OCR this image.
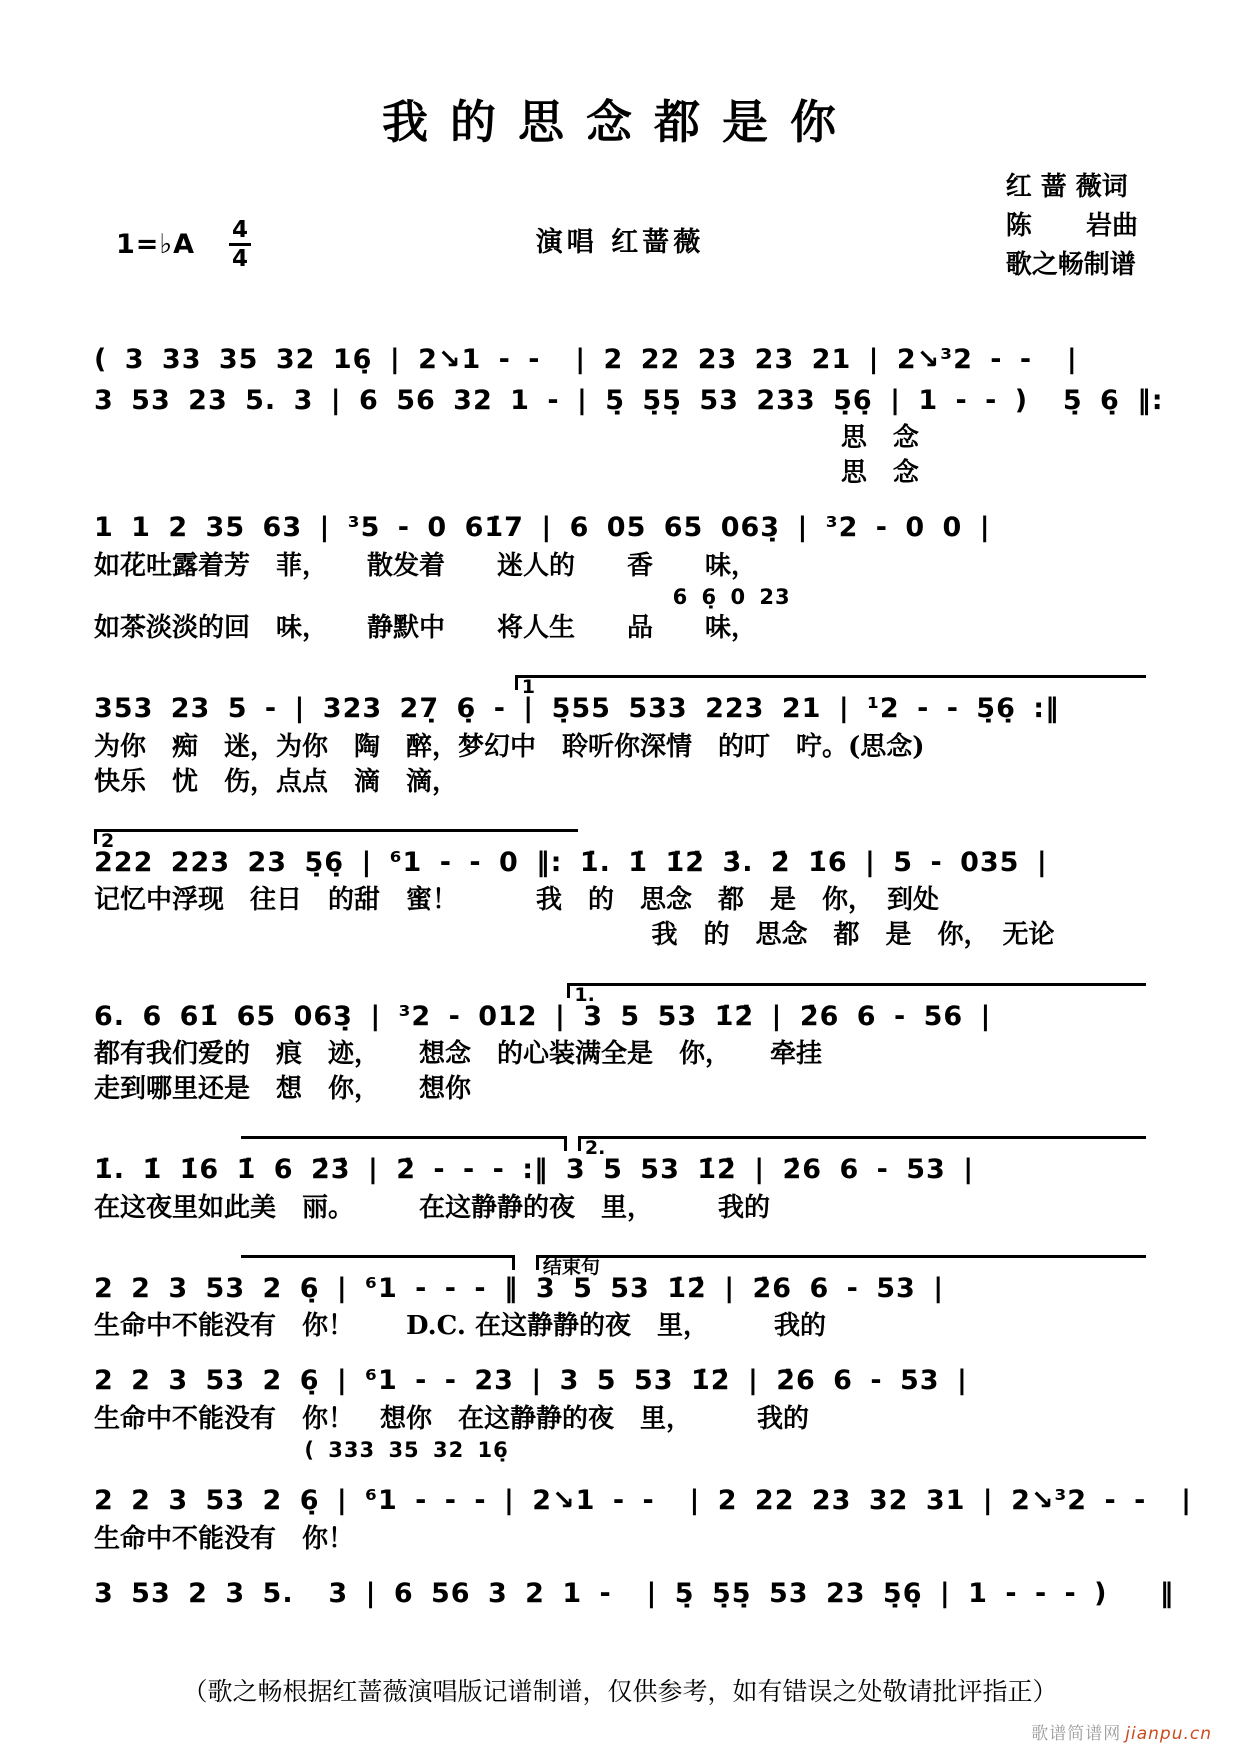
我的思念都是你
1=♭A 4
4
演唱 红蔷薇
红 蔷 薇词
陈      岩曲
歌之畅制谱
( 3 33 35 32 16̣ | 2↘1 - -  | 2 22 23 23 21 | 2↘³2 - -  |
3 53 23 5. 3 | 6 56 32 1 - | 5̣ 5̣5̣ 53 233 5̣6̣ | 1 - - )  5̣ 6̣ ‖:
思　念
思　念
1 1 2 35 63 | ³5 - 0 61̇7 | 6 05 65 063̣ | ³2 - 0 0 |
如花吐露着芳　菲，　　散发着　　迷人的　　香　　味，
6 6̣ 0 23
如茶淡淡的回　味，　　静默中　　将人生　　品　　味，
1
353 23 5 - | 323 27̣ 6̣ - | 5̣55 533 223 21 | ¹2 - - 5̣6̣ :‖
为你　痴　迷，为你　陶　醉，梦幻中　聆听你深情　的叮　咛。(思念)
快乐　忧　伤，点点　滴　滴，
2
222 223 23 5̣6̣ | ⁶1 - - 0 ‖: 1̇. 1̇ 1̇2̇ 3̇. 2̇ 1̇6 | 5 - 035 |
记忆中浮现　往日　的甜　蜜！　　　我　的　思念　都　是　你，　到处
我　的　思念　都　是　你，　无论
1.
6. 6 61̇ 65 063̣ | ³2 - 012 | 3 5 53 1̇2̇ | 2̇6 6 - 56 |
都有我们爱的　痕　迹，　　想念　的心装满全是　你，　　牵挂
走到哪里还是　想　你，　　想你
2.
1̇. 1̇ 1̇6 1̇ 6 2̇3̇ | 2̇ - - - :‖ 3 5 53 1̇2̇ | 2̇6 6 - 53 |
在这夜里如此美　丽。　　　在这静静的夜　里，　　　我的
结束句
2 2 3 53 2 6̣ | ⁶1 - - - ‖ 3 5 53 1̇2̇ | 2̇6 6 - 53 |
生命中不能没有　你！　　D.C. 在这静静的夜　里，　　　我的
2 2 3 53 2 6̣ | ⁶1 - - 23 | 3 5 53 1̇2̇ | 2̇6 6 - 53 |
生命中不能没有　你！　想你　在这静静的夜　里，　　　我的
( 333 35 32 16̣
2 2 3 53 2 6̣ | ⁶1 - - - | 2↘1 - -  | 2 22 23 32 31 | 2↘³2 - -  |
生命中不能没有　你！
3 53 2 3 5.  3 | 6 56 3 2 1 -  | 5̣ 5̣5̣ 53 23 5̣6̣ | 1 - - - )   ‖
（歌之畅根据红蔷薇演唱版记谱制谱，仅供参考，如有错误之处敬请批评指正）
歌谱简谱网 jianpu.cn
